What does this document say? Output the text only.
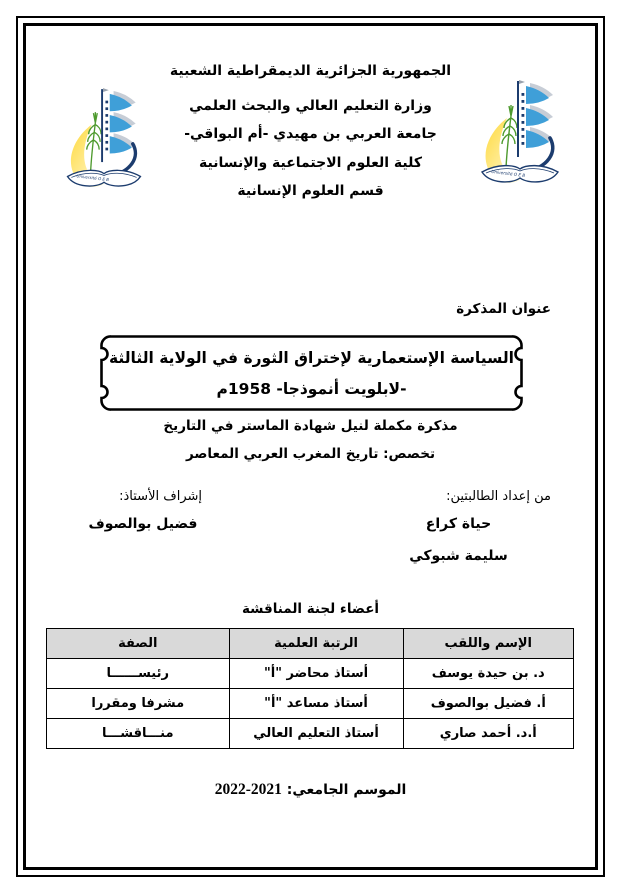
الجمهورية الجزائرية الديمقراطية الشعبية
وزارة التعليم العالي والبحث العلمي
جامعة العربي بن مهيدي -أم البواقي-
كلية العلوم الاجتماعية والإنسانية
قسم العلوم الإنسانية
Université O E B	Université O E B
عنوان المذكرة
السياسة الإستعمارية لإختراق الثورة في الولاية الثالثة
-لابلويت أنموذجا- 1958م
مذكرة مكملة لنيل شهادة الماستر في التاريخ
تخصص: تاريخ المغرب العربي المعاصر
من إعداد الطالبتين:
حياة كراع
سليمة شبوكي
إشراف الأستاذ:
فضيل بوالصوف
أعضاء لجنة المناقشة
الإسم واللقب	الرتبة العلمية	الصفة
د. بن حيدة يوسف	أستاذ محاضر "أ"	رئيســــــا
أ. فضيل بوالصوف	أستاذ مساعد "أ"	مشرفا ومقررا
أ.د. أحمد صاري	أستاذ التعليم العالي	منـــاقشـــا
الموسم الجامعي: 2021‏-‏2022
